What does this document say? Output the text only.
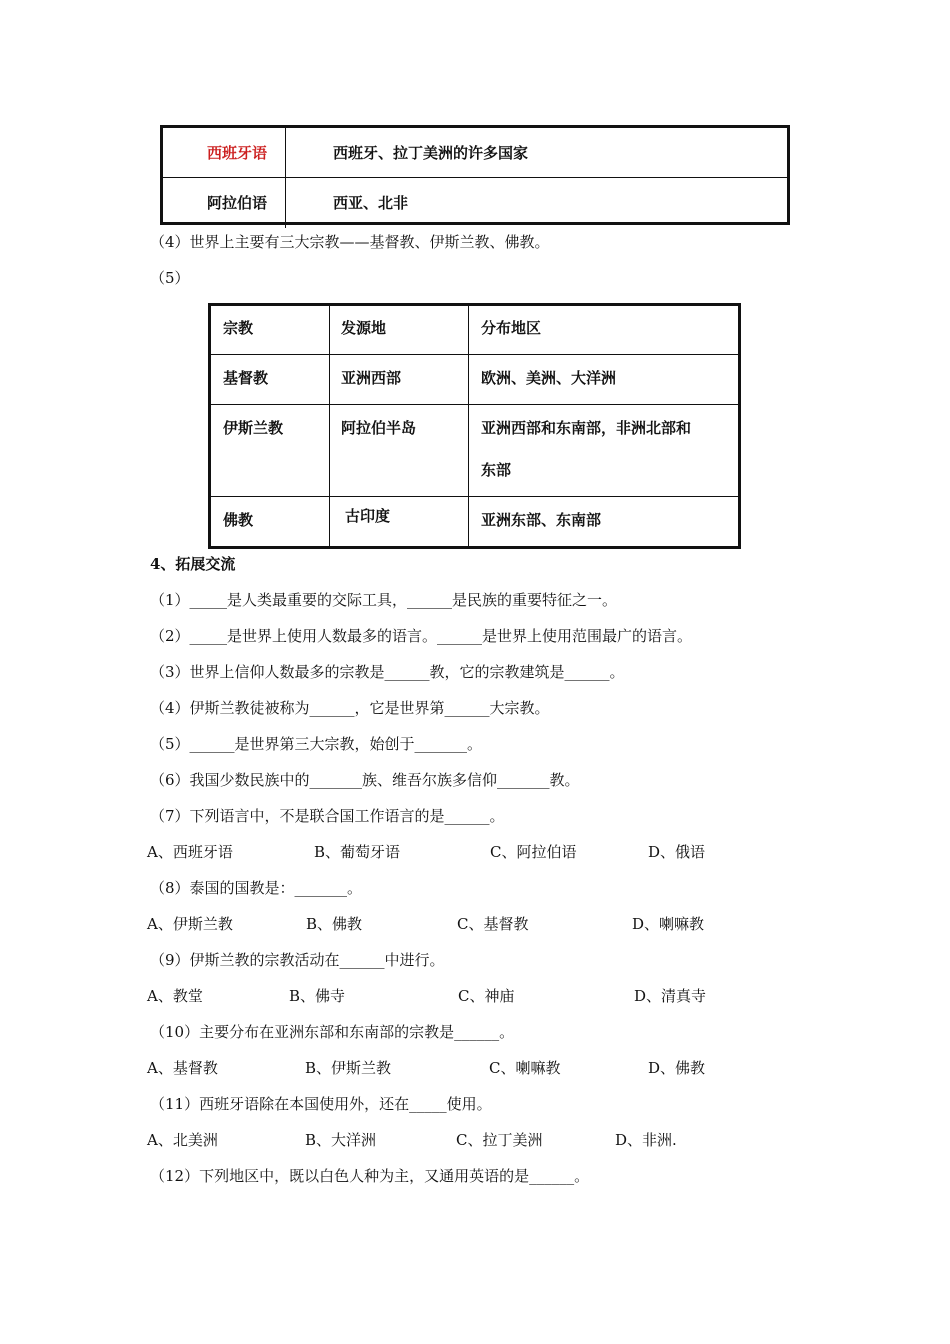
西班牙语	西班牙、拉丁美洲的许多国家
阿拉伯语	西亚、北非
（4）世界上主要有三大宗教——基督教、伊斯兰教、佛教。
（5）
宗教	发源地	分布地区
基督教	亚洲西部	欧洲、美洲、大洋洲
伊斯兰教	阿拉伯半岛	亚洲西部和东南部，非洲北部和
东部
佛教	古印度	亚洲东部、东南部
4、拓展交流
（1）_____是人类最重要的交际工具，______是民族的重要特征之一。
（2）_____是世界上使用人数最多的语言。______是世界上使用范围最广的语言。
（3）世界上信仰人数最多的宗教是______教，它的宗教建筑是______。
（4）伊斯兰教徒被称为______，它是世界第______大宗教。
（5）______是世界第三大宗教，始创于_______。
（6）我国少数民族中的_______族、维吾尔族多信仰_______教。
（7）下列语言中，不是联合国工作语言的是______。
A、西班牙语	B、葡萄牙语	C、阿拉伯语	D、俄语
（8）泰国的国教是：_______。
A、伊斯兰教	B、佛教	C、基督教	D、喇嘛教
（9）伊斯兰教的宗教活动在______中进行。
A、教堂	B、佛寺	C、神庙	D、清真寺
（10）主要分布在亚洲东部和东南部的宗教是______。
A、基督教	B、伊斯兰教	C、喇嘛教	D、佛教
（11）西班牙语除在本国使用外，还在_____使用。
A、北美洲	B、大洋洲	C、拉丁美洲	D、非洲.
（12）下列地区中，既以白色人种为主，又通用英语的是______。
